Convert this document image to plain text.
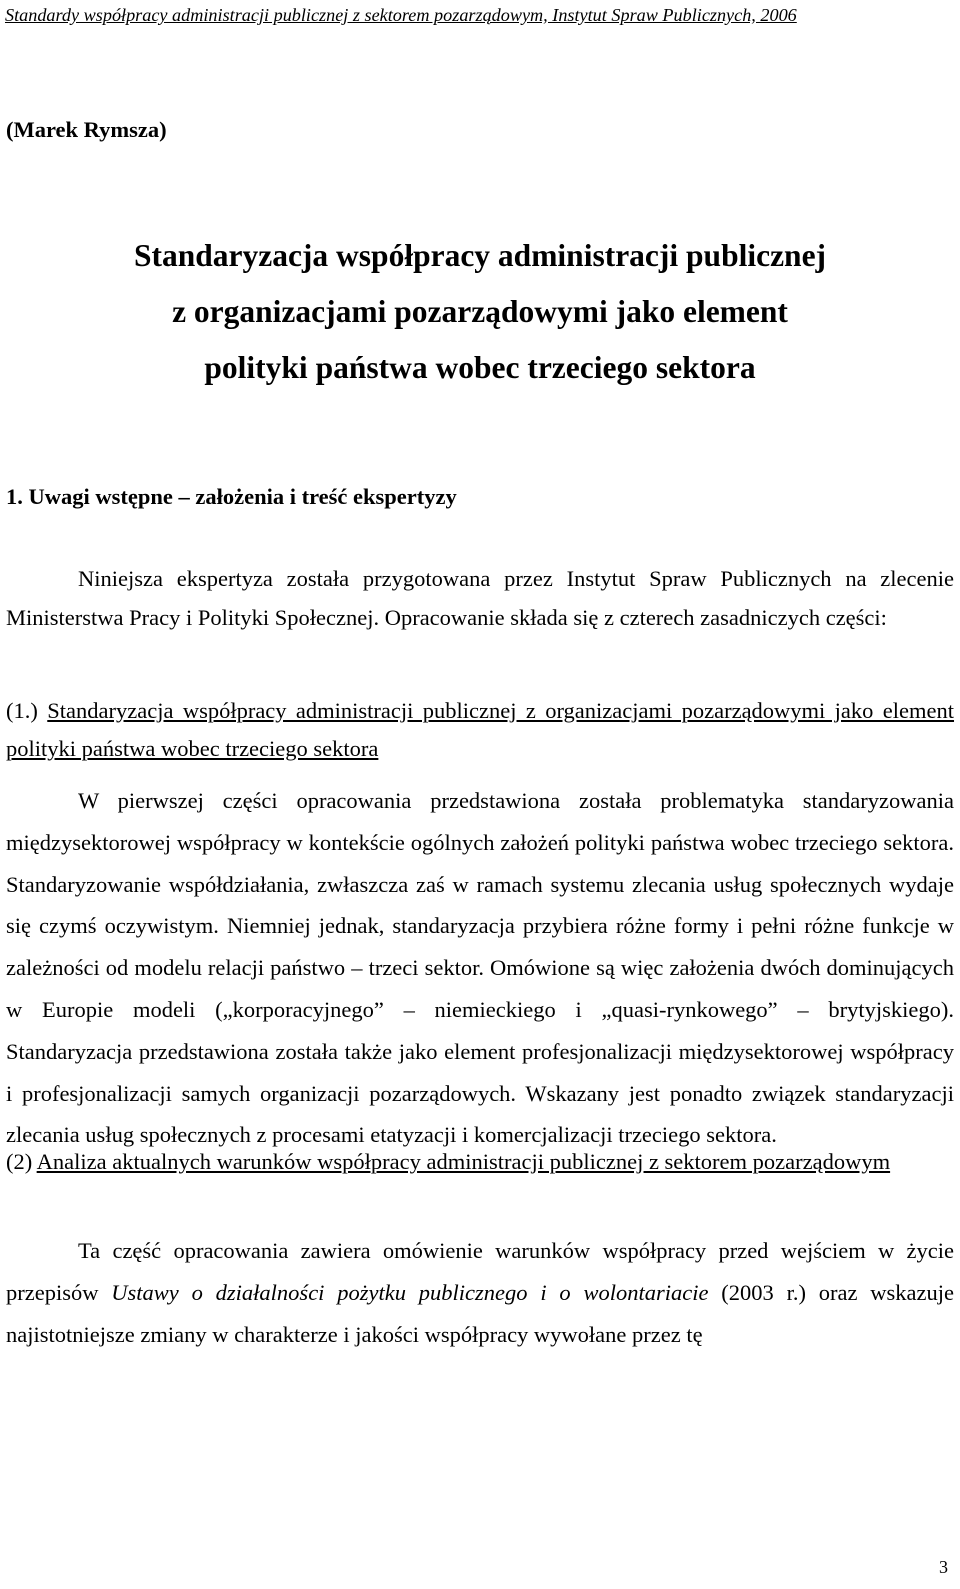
Standardy współpracy administracji publicznej z sektorem pozarządowym, Instytut Spraw Publicznych, 2006
(Marek Rymsza)
Standaryzacja współpracy administracji publicznej
z organizacjami pozarządowymi jako element
polityki państwa wobec trzeciego sektora
1. Uwagi wstępne – założenia i treść ekspertyzy

Niniejsza ekspertyza została przygotowana przez Instytut Spraw Publicznych na zlecenie Ministerstwa Pracy i Polityki Społecznej. Opracowanie składa się z czterech zasadniczych części:

(1.) Standaryzacja współpracy administracji publicznej z organizacjami pozarządowymi jako element polityki państwa wobec trzeciego sektora

W pierwszej części opracowania przedstawiona została problematyka standaryzowania międzysektorowej współpracy w kontekście ogólnych założeń polityki państwa wobec trzeciego sektora. Standaryzowanie współdziałania, zwłaszcza zaś w ramach systemu zlecania usług społecznych wydaje się czymś oczywistym. Niemniej jednak, standaryzacja przybiera różne formy i pełni różne funkcje w zależności od modelu relacji państwo – trzeci sektor. Omówione są więc założenia dwóch dominujących w Europie modeli („korporacyjnego” – niemieckiego i „quasi-rynkowego” – brytyjskiego). Standaryzacja przedstawiona została także jako element profesjonalizacji międzysektorowej współpracy i profesjonalizacji samych organizacji pozarządowych. Wskazany jest ponadto związek standaryzacji zlecania usług społecznych z procesami etatyzacji i komercjalizacji trzeciego sektora.

(2) Analiza aktualnych warunków współpracy administracji publicznej z sektorem pozarządowym

Ta część opracowania zawiera omówienie warunków współpracy przed wejściem w życie przepisów Ustawy o działalności pożytku publicznego i o wolontariacie (2003 r.) oraz wskazuje najistotniejsze zmiany w charakterze i jakości współpracy wywołane przez tę

3
